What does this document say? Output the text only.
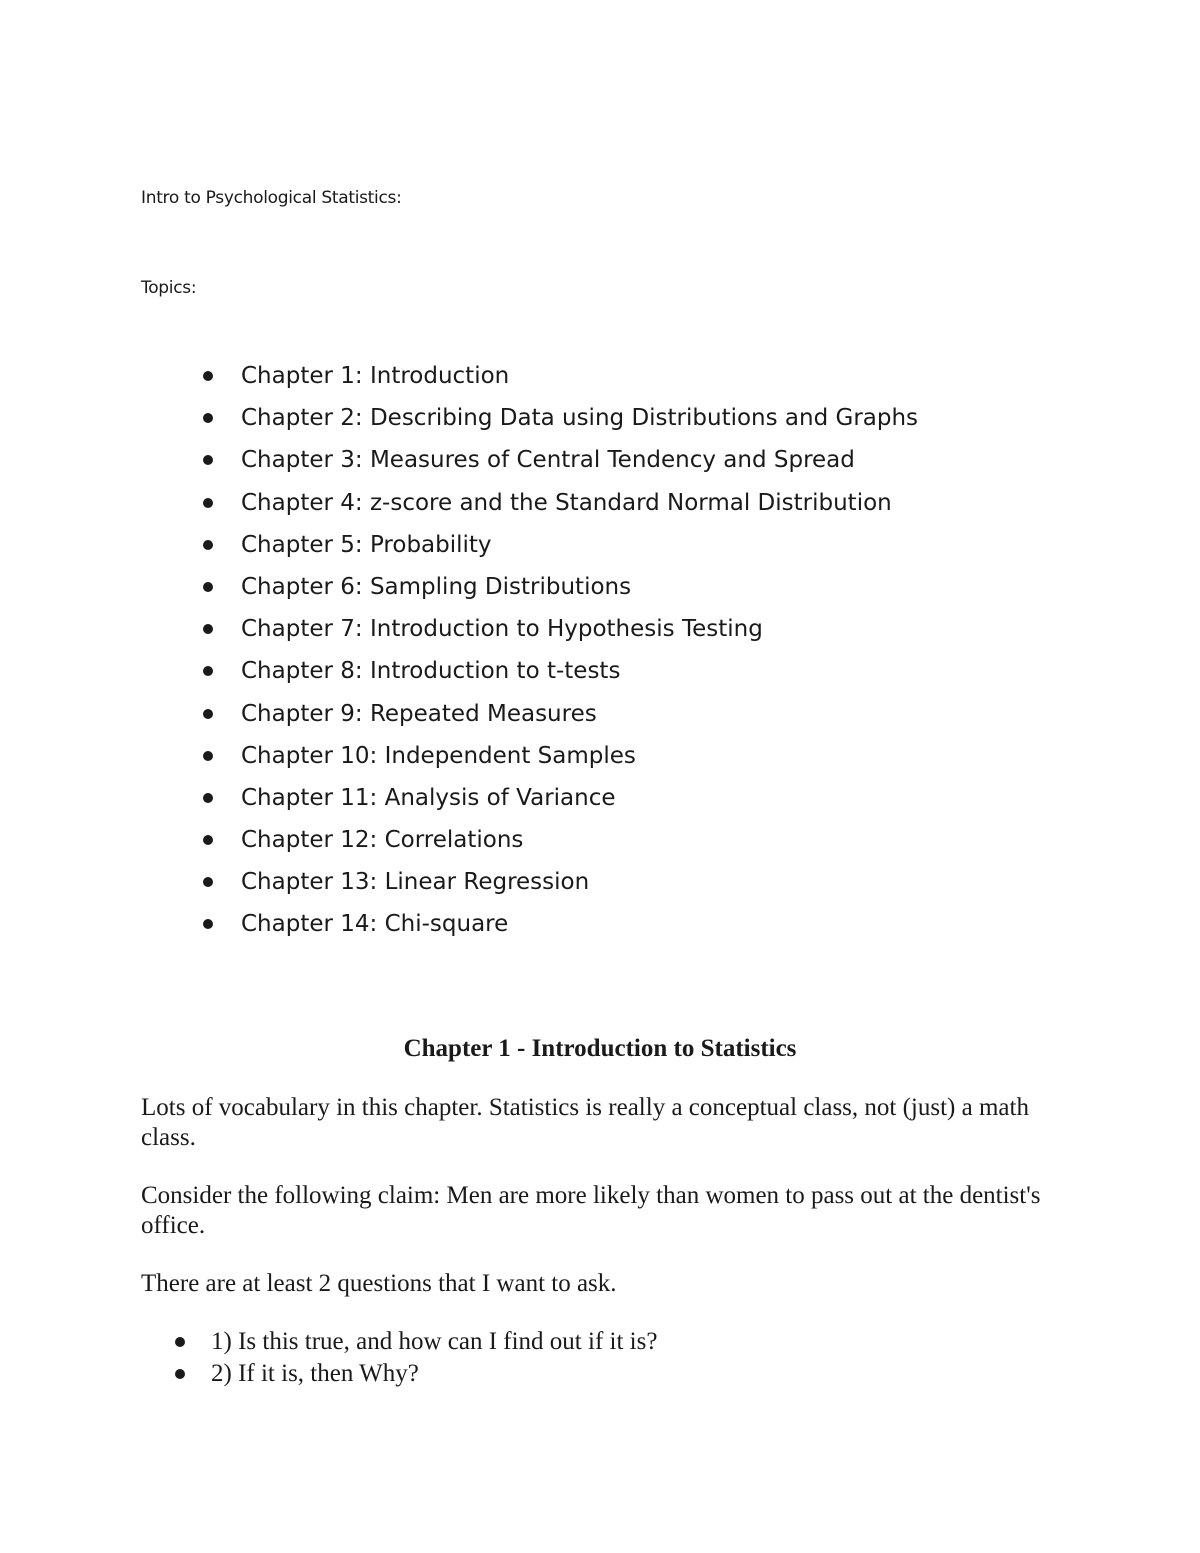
Intro to Psychological Statistics:
Topics:
Chapter 1: Introduction
Chapter 2: Describing Data using Distributions and Graphs
Chapter 3: Measures of Central Tendency and Spread
Chapter 4: z-score and the Standard Normal Distribution
Chapter 5: Probability
Chapter 6: Sampling Distributions
Chapter 7: Introduction to Hypothesis Testing
Chapter 8: Introduction to t-tests
Chapter 9: Repeated Measures
Chapter 10: Independent Samples
Chapter 11: Analysis of Variance
Chapter 12: Correlations
Chapter 13: Linear Regression
Chapter 14: Chi-square
Chapter 1 - Introduction to Statistics
Lots of vocabulary in this chapter. Statistics is really a conceptual class, not (just) a math class.
Consider the following claim: Men are more likely than women to pass out at the dentist's office.
There are at least 2 questions that I want to ask.
1) Is this true, and how can I find out if it is?
2) If it is, then Why?
